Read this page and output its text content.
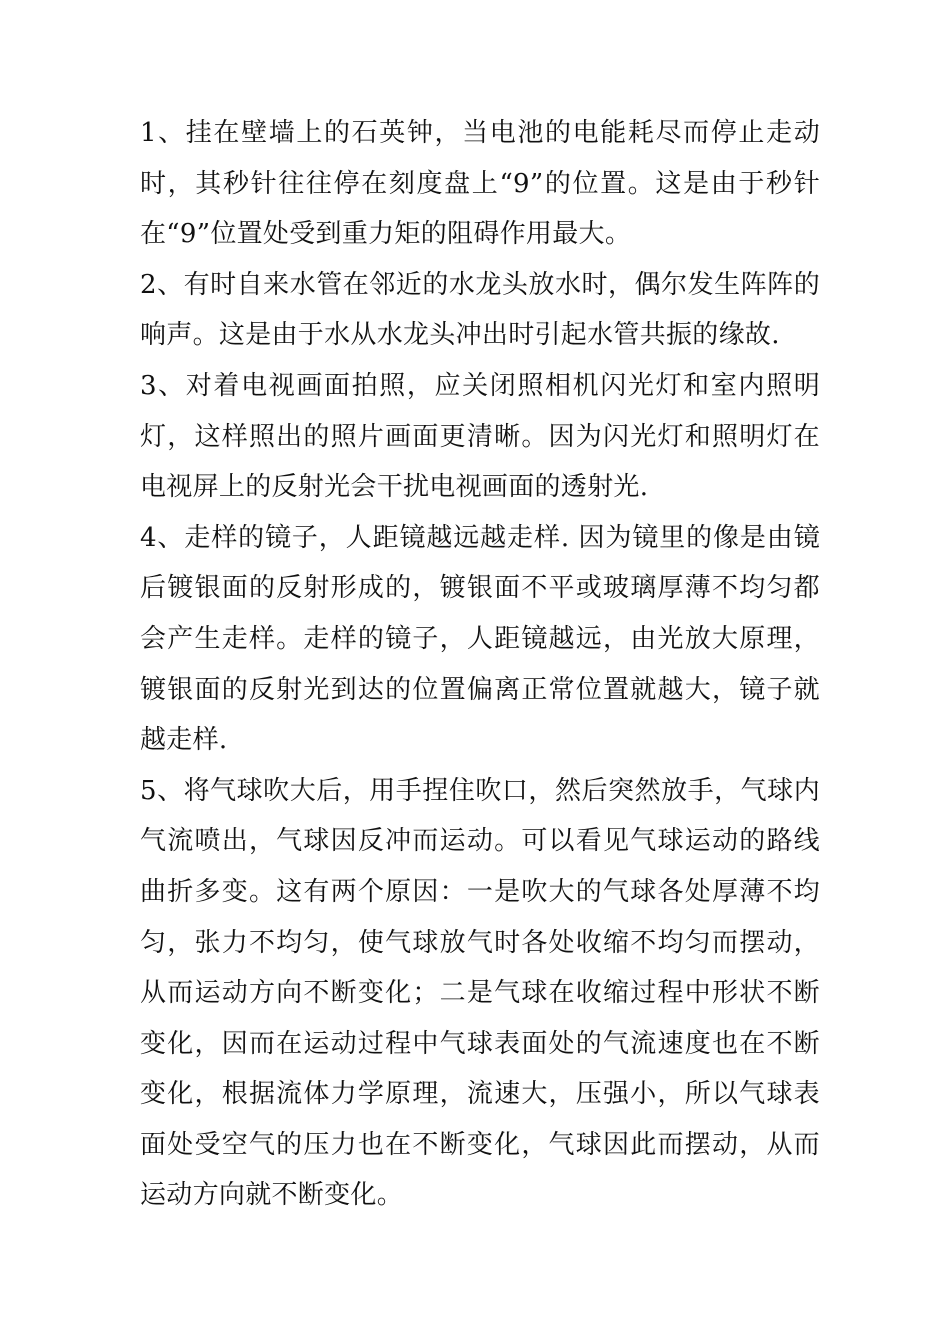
1、挂在壁墙上的石英钟，当电池的电能耗尽而停止走动时，其秒针往往停在刻度盘上“9”的位置。这是由于秒针在“9”位置处受到重力矩的阻碍作用最大。

2、有时自来水管在邻近的水龙头放水时，偶尔发生阵阵的响声。这是由于水从水龙头冲出时引起水管共振的缘故.

3、对着电视画面拍照，应关闭照相机闪光灯和室内照明灯，这样照出的照片画面更清晰。因为闪光灯和照明灯在电视屏上的反射光会干扰电视画面的透射光.

4、走样的镜子，人距镜越远越走样. 因为镜里的像是由镜后镀银面的反射形成的，镀银面不平或玻璃厚薄不均匀都会产生走样。走样的镜子，人距镜越远，由光放大原理，镀银面的反射光到达的位置偏离正常位置就越大，镜子就越走样.

5、将气球吹大后，用手捏住吹口，然后突然放手，气球内气流喷出，气球因反冲而运动。可以看见气球运动的路线曲折多变。这有两个原因：一是吹大的气球各处厚薄不均匀，张力不均匀，使气球放气时各处收缩不均匀而摆动，从而运动方向不断变化；二是气球在收缩过程中形状不断变化，因而在运动过程中气球表面处的气流速度也在不断变化，根据流体力学原理，流速大，压强小，所以气球表面处受空气的压力也在不断变化，气球因此而摆动，从而运动方向就不断变化。
